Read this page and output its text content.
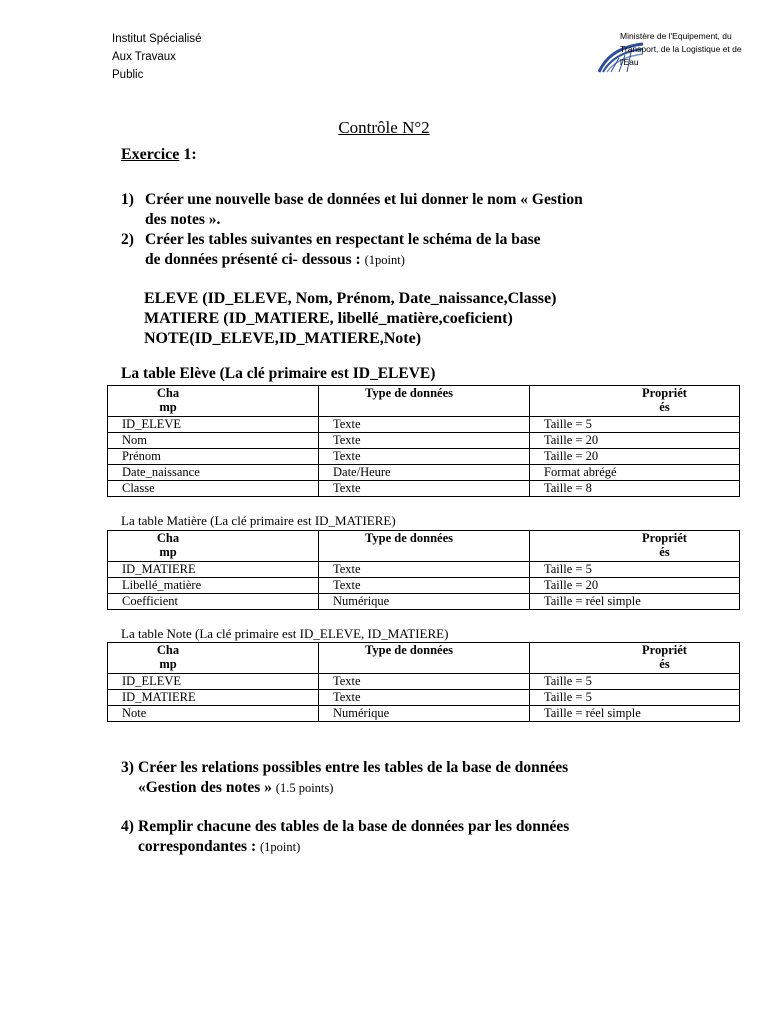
Institut Spécialisé
Aux Travaux
Public
Ministère de l'Equipement, du Transport, de la Logistique et de l'Eau
Contrôle N°2
Exercice 1:
1) Créer une nouvelle base de données et lui donner le nom « Gestion
des notes ».
2) Créer les tables suivantes en respectant le schéma de la base
de données présenté ci- dessous : (1point)
ELEVE (ID_ELEVE, Nom, Prénom, Date_naissance,Classe)
MATIERE (ID_MATIERE, libellé_matière,coeficient)
NOTE(ID_ELEVE,ID_MATIERE,Note)
La table Elève (La clé primaire est ID_ELEVE)
Cha
mp	Type de données	Propriét
és
ID_ELEVE	Texte	Taille = 5
Nom	Texte	Taille = 20
Prénom	Texte	Taille = 20
Date_naissance	Date/Heure	Format abrégé
Classe	Texte	Taille = 8
La table Matière (La clé primaire est ID_MATIERE)
Cha
mp	Type de données	Propriét
és
ID_MATIERE	Texte	Taille = 5
Libellé_matière	Texte	Taille = 20
Coefficient	Numérique	Taille = réel simple
La table Note (La clé primaire est ID_ELEVE, ID_MATIERE)
Cha
mp	Type de données	Propriét
és
ID_ELEVE	Texte	Taille = 5
ID_MATIERE	Texte	Taille = 5
Note	Numérique	Taille = réel simple
3) Créer les relations possibles entre les tables de la base de données
«Gestion des notes » (1.5 points)
4) Remplir chacune des tables de la base de données par les données
correspondantes : (1point)
